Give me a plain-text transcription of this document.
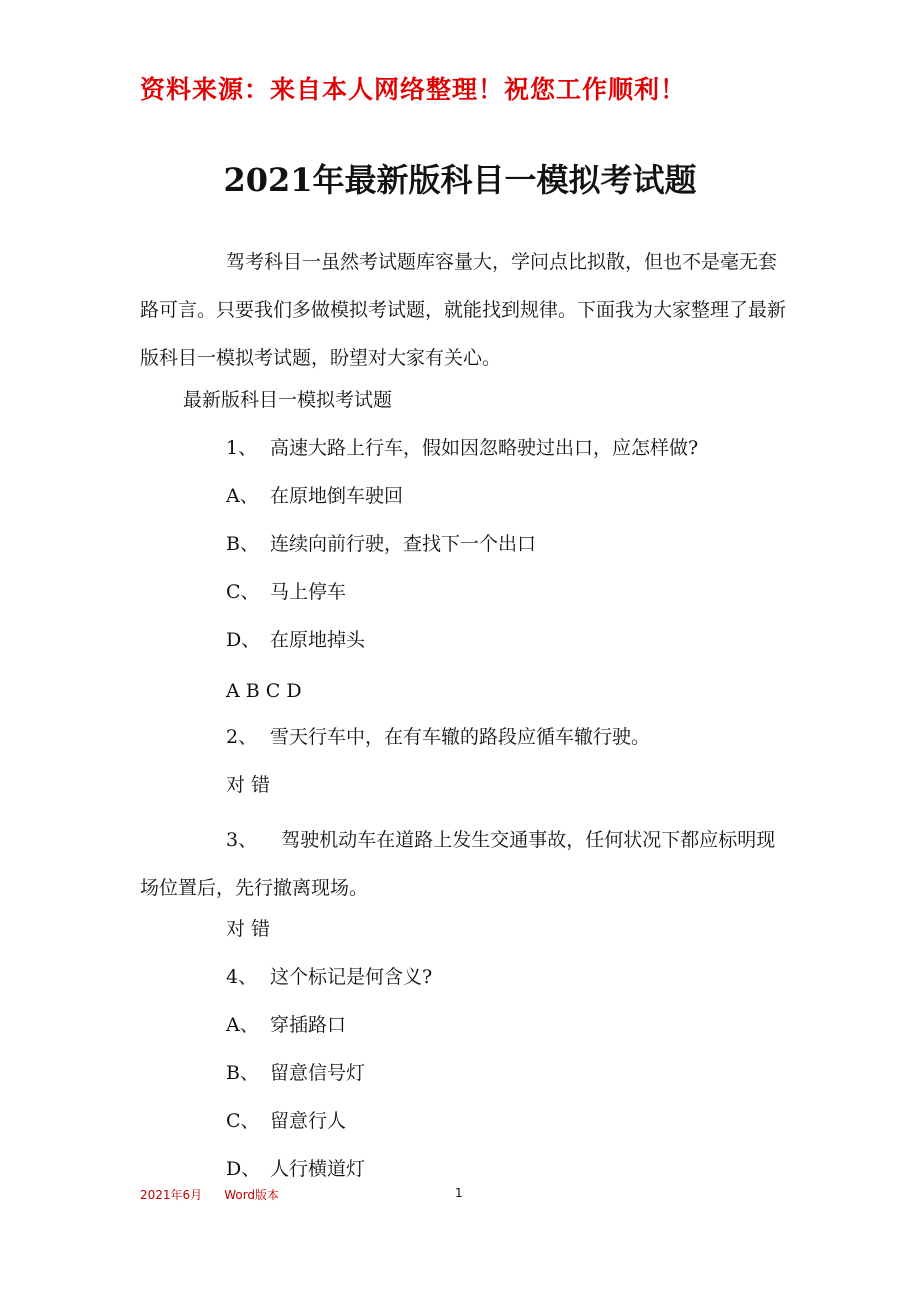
资料来源：来自本人网络整理！祝您工作顺利！
2021年最新版科目一模拟考试题
驾考科目一虽然考试题库容量大，学问点比拟散，但也不是毫无套路可言。只要我们多做模拟考试题，就能找到规律。下面我为大家整理了最新版科目一模拟考试题，盼望对大家有关心。
最新版科目一模拟考试题
1、 高速大路上行车，假如因忽略驶过出口，应怎样做?
A、 在原地倒车驶回
B、 连续向前行驶，查找下一个出口
C、 马上停车
D、 在原地掉头
A B C D
2、 雪天行车中，在有车辙的路段应循车辙行驶。
对 错
3、    驾驶机动车在道路上发生交通事故，任何状况下都应标明现场位置后，先行撤离现场。
对 错
4、 这个标记是何含义?
A、 穿插路口
B、 留意信号灯
C、 留意行人
D、 人行横道灯
2021年6月 Word版本	1
